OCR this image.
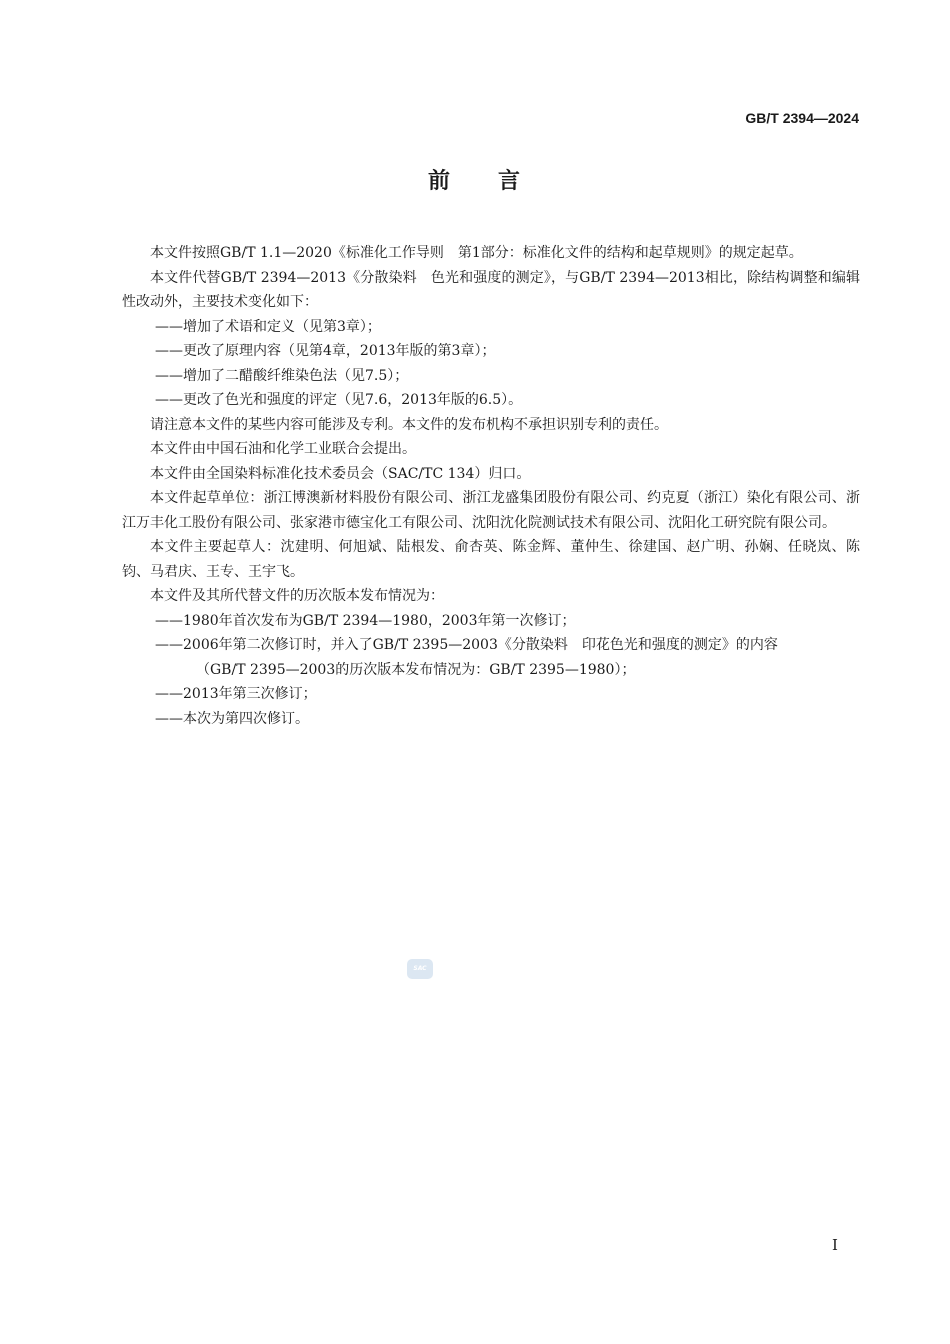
GB/T 2394—2024
前 言

本文件按照GB/T 1.1—2020《标准化工作导则　第1部分：标准化文件的结构和起草规则》的规定起草。

本文件代替GB/T 2394—2013《分散染料　色光和强度的测定》，与GB/T 2394—2013相比，除结构调整和编辑性改动外，主要技术变化如下：

——增加了术语和定义（见第3章）；

——更改了原理内容（见第4章，2013年版的第3章）；

——增加了二醋酸纤维染色法（见7.5）；

——更改了色光和强度的评定（见7.6，2013年版的6.5）。

请注意本文件的某些内容可能涉及专利。本文件的发布机构不承担识别专利的责任。

本文件由中国石油和化学工业联合会提出。

本文件由全国染料标准化技术委员会（SAC/TC 134）归口。

本文件起草单位：浙江博澳新材料股份有限公司、浙江龙盛集团股份有限公司、约克夏（浙江）染化有限公司、浙江万丰化工股份有限公司、张家港市德宝化工有限公司、沈阳沈化院测试技术有限公司、沈阳化工研究院有限公司。

本文件主要起草人：沈建明、何旭斌、陆根发、俞杏英、陈金辉、董仲生、徐建国、赵广明、孙娴、任晓岚、陈钧、马君庆、王专、王宇飞。

本文件及其所代替文件的历次版本发布情况为：

——1980年首次发布为GB/T 2394—1980，2003年第一次修订；

——2006年第二次修订时，并入了GB/T 2395—2003《分散染料　印花色光和强度的测定》的内容

（GB/T 2395—2003的历次版本发布情况为：GB/T 2395—1980）；

——2013年第三次修订；

——本次为第四次修订。

SAC
I
